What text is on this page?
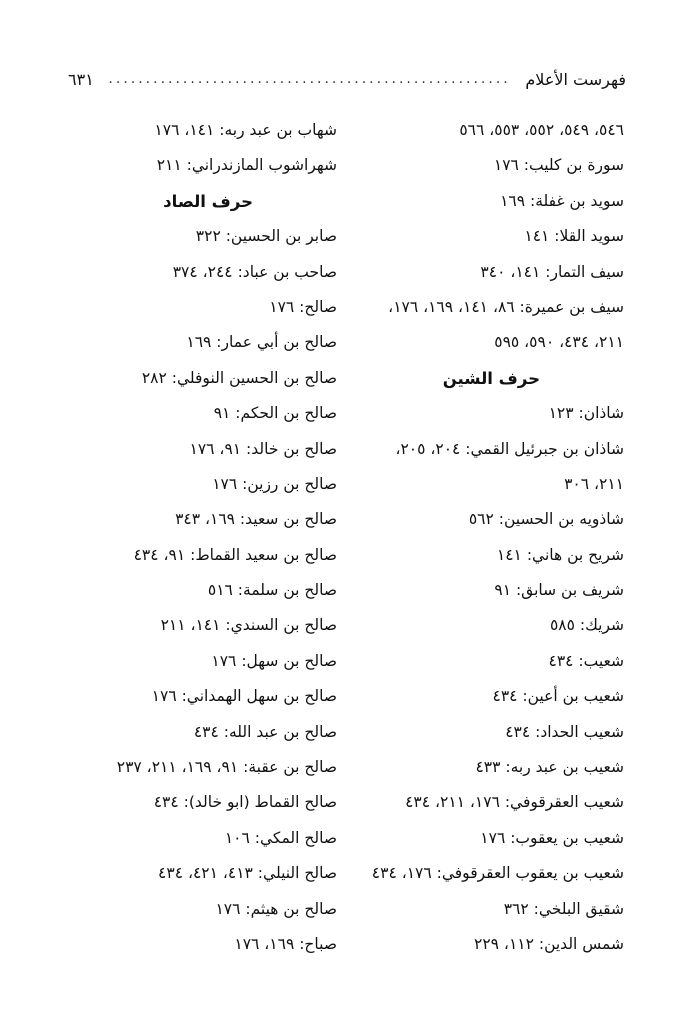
فهرست الأعلام
......................................................
٦٣١
٥٤٦، ٥٤٩، ٥٥٢، ٥٥٣، ٥٦٦
سورة بن كليب: ١٧٦
سويد بن غفلة: ١٦٩
سويد القلا: ١٤١
سيف التمار: ١٤١، ٣٤٠
سيف بن عميرة: ٨٦، ١٤١، ١٦٩، ١٧٦،
٢١١، ٤٣٤، ٥٩٠، ٥٩٥
حرف الشين
شاذان: ١٢٣
شاذان بن جبرئيل القمي: ٢٠٤، ٢٠٥،
٢١١، ٣٠٦
شاذويه بن الحسين: ٥٦٢
شريح بن هاني: ١٤١
شريف بن سابق: ٩١
شريك: ٥٨٥
شعيب: ٤٣٤
شعيب بن أعين: ٤٣٤
شعيب الحداد: ٤٣٤
شعيب بن عبد ربه: ٤٣٣
شعيب العقرقوفي: ١٧٦، ٢١١، ٤٣٤
شعيب بن يعقوب: ١٧٦
شعيب بن يعقوب العقرقوفي: ١٧٦، ٤٣٤
شقيق البلخي: ٣٦٢
شمس الدين: ١١٢، ٢٢٩
شهاب بن عبد ربه: ١٤١، ١٧٦
شهراشوب المازندراني: ٢١١
حرف الصاد
صابر بن الحسين: ٣٢٢
صاحب بن عباد: ٢٤٤، ٣٧٤
صالح: ١٧٦
صالح بن أبي عمار: ١٦٩
صالح بن الحسين النوفلي: ٢٨٢
صالح بن الحكم: ٩١
صالح بن خالد: ٩١، ١٧٦
صالح بن رزين: ١٧٦
صالح بن سعيد: ١٦٩، ٣٤٣
صالح بن سعيد القماط: ٩١، ٤٣٤
صالح بن سلمة: ٥١٦
صالح بن السندي: ١٤١، ٢١١
صالح بن سهل: ١٧٦
صالح بن سهل الهمداني: ١٧٦
صالح بن عبد الله: ٤٣٤
صالح بن عقبة: ٩١، ١٦٩، ٢١١، ٢٣٧
صالح القماط (ابو خالد): ٤٣٤
صالح المكي: ١٠٦
صالح النيلي: ٤١٣، ٤٢١، ٤٣٤
صالح بن هيثم: ١٧٦
صباح: ١٦٩، ١٧٦
